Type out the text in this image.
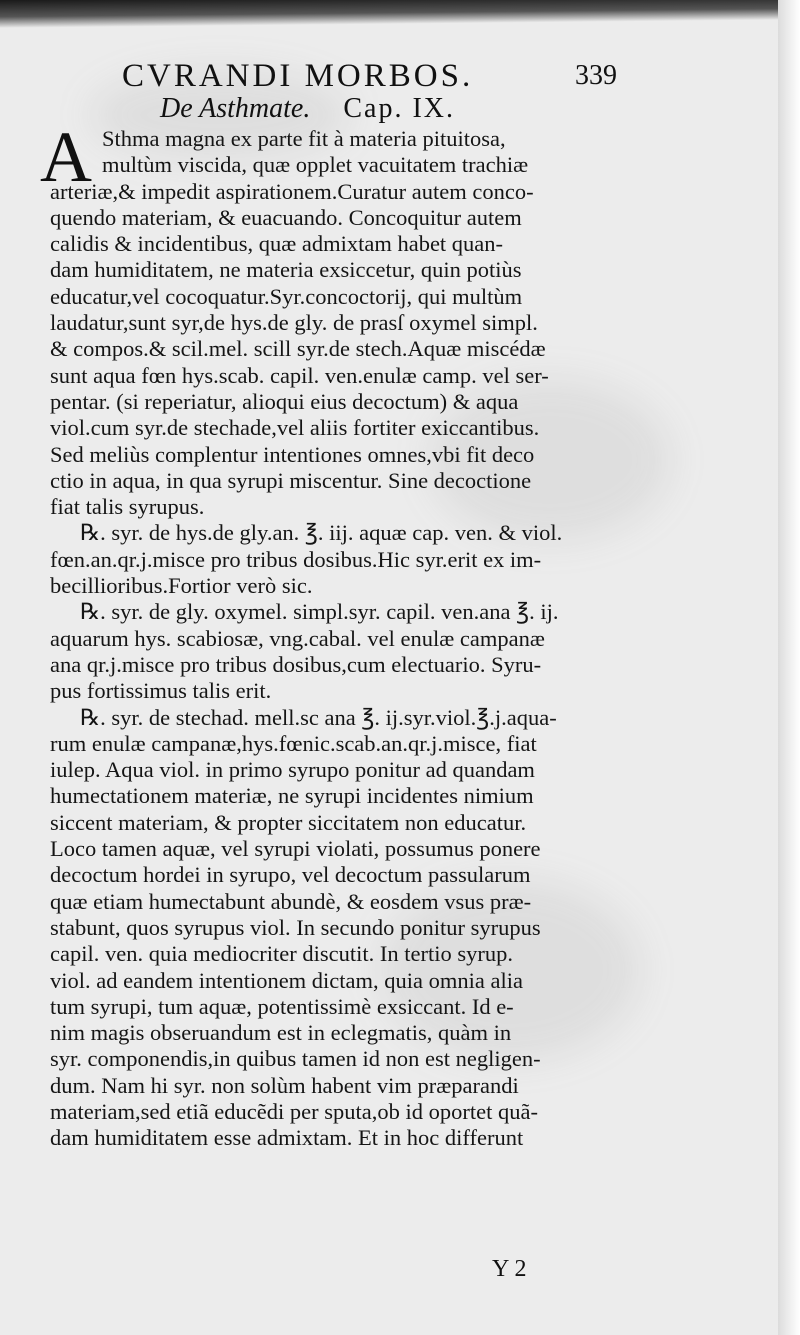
CVRANDI MORBOS.	339
De Asthmate. Cap. IX.
A Sthma magna ex parte fit à materia pituitosa,
multùm viscida, quæ opplet vacuitatem trachiæ
arteriæ,& impedit aspirationem.Curatur autem conco-
quendo materiam, & euacuando. Concoquitur autem
calidis & incidentibus, quæ admixtam habet quan-
dam humiditatem, ne materia exsiccetur, quin potiùs
educatur,vel cocoquatur.Syr.concoctorij, qui multùm
laudatur,sunt syr,de hys.de gly. de prasſ oxymel simpl.
& compos.& scil.mel. scill syr.de stech.Aquæ miscédæ
sunt aqua fœn hys.scab. capil. ven.enulæ camp. vel ser-
pentar. (si reperiatur, alioqui eius decoctum) & aqua
viol.cum syr.de stechade,vel aliis fortiter exiccantibus.
Sed meliùs complentur intentiones omnes,vbi fit deco
ctio in aqua, in qua syrupi miscentur. Sine decoctione
fiat talis syrupus.
℞. syr. de hys.de gly.an. ℥. iij. aquæ cap. ven. & viol.
fœn.an.qr.j.misce pro tribus dosibus.Hic syr.erit ex im-
becillioribus.Fortior verò sic.
℞. syr. de gly. oxymel. simpl.syr. capil. ven.ana ℥. ij.
aquarum hys. scabiosæ, vng.cabal. vel enulæ campanæ
ana qr.j.misce pro tribus dosibus,cum electuario. Syru-
pus fortissimus talis erit.
℞. syr. de stechad. mell.sc ana ℥. ij.syr.viol.℥.j.aqua-
rum enulæ campanæ,hys.fœnic.scab.an.qr.j.misce, fiat
iulep. Aqua viol. in primo syrupo ponitur ad quandam
humectationem materiæ, ne syrupi incidentes nimium
siccent materiam, & propter siccitatem non educatur.
Loco tamen aquæ, vel syrupi violati, possumus ponere
decoctum hordei in syrupo, vel decoctum passularum
quæ etiam humectabunt abundè, & eosdem vsus præ-
stabunt, quos syrupus viol. In secundo ponitur syrupus
capil. ven. quia mediocriter discutit. In tertio syrup.
viol. ad eandem intentionem dictam, quia omnia alia
tum syrupi, tum aquæ, potentissimè exsiccant. Id e-
nim magis obseruandum est in eclegmatis, quàm in
syr. componendis,in quibus tamen id non est negligen-
dum. Nam hi syr. non solùm habent vim præparandi
materiam,sed etiã educẽdi per sputa,ob id oportet quã-
dam humiditatem esse admixtam. Et in hoc differunt
Y 2
